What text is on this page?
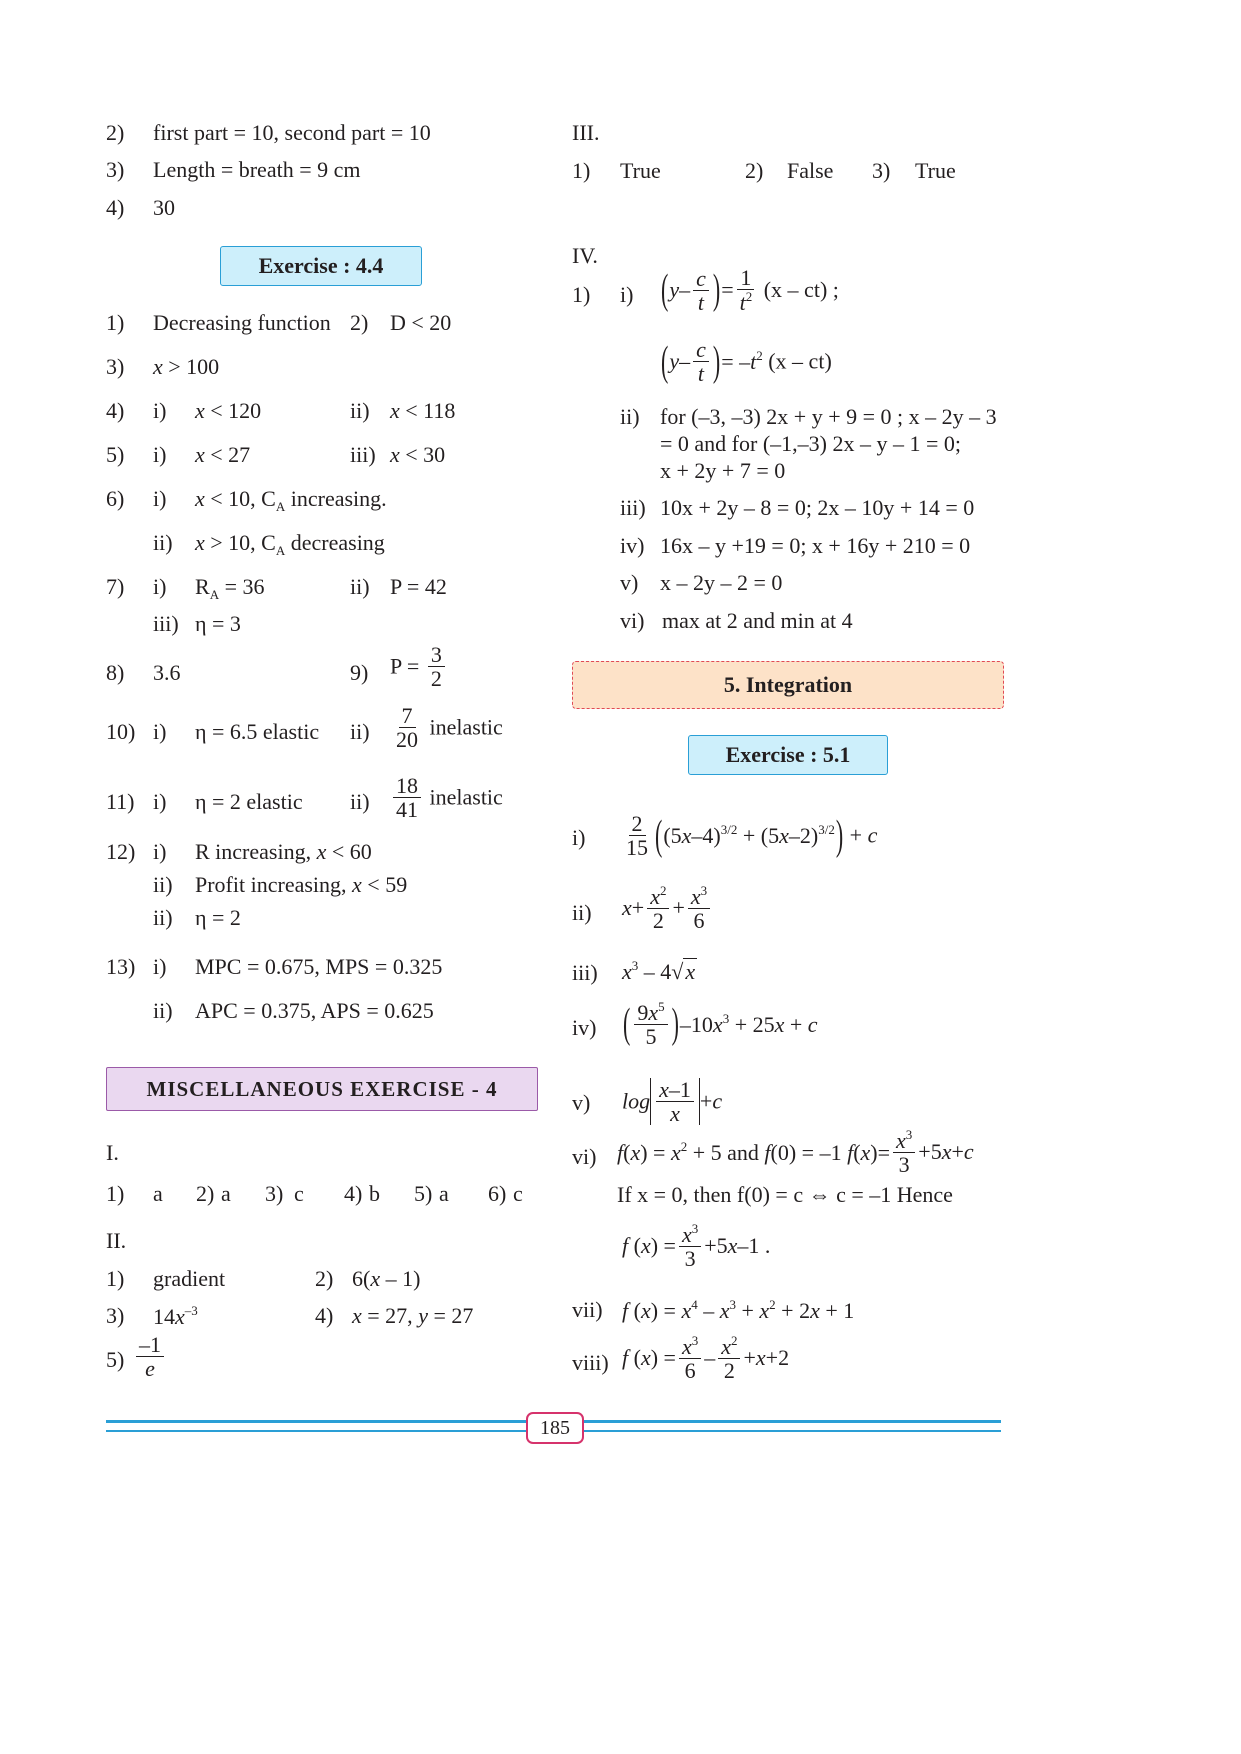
2) first part = 10, second part = 10
3) Length = breath = 9 cm
4) 30
Exercise : 4.4
1) Decreasing function 2) D < 20
3) x > 100
4) i) x < 120	ii) x < 118
5) i) x < 27	iii) x < 30
6) i) x < 10, $C_A$ increasing.
ii) x > 10, $C_A$ decreasing
7) i) $R_A = 36$	ii) P = 42
iii) η = 3
8) 3.6	9) $P = \frac{3}{2}$
10) i) η = 6.5 elastic $ii) \frac{7}{20}$ inelastic
11) i) η = 2 elastic $ii) \frac{18}{41}$ inelastic
12) i) R increasing, x < 60
ii) Profit increasing, x < 59
ii) η = 2
13) i) MPC = 0.675, MPS = 0.325
ii) APC = 0.375, APS = 0.625
MISCELLANEOUS EXERCISE - 4
I.
1) a 2) a 3) c 4) b 5) a 6) c
II.
1) gradient	2) 6(x – 1)
3) $14x^{-3}$	4) x = 27, y = 27
$5) \frac{-1}{e}$
III.
1) True	2) False 3) True
IV.
1) i) ($y- \frac{c}{t}$ )= $\frac{1}{t^2} (x - ct)$ ;
($y- \frac{c}{t}$ )= $-t^2$ (x – ct)
ii) for (–3, –3) 2x + y + 9 = 0 ; x – 2y – 3
= 0 and for (–1,–3) 2x – y – 1 = 0;
x + 2y + 7 = 0
iii) 10x + 2y – 8 = 0; 2x – 10y + 14 = 0
iv) 16x – y +19 = 0; x + 16y + 210 = 0
v) x – 2y – 2 = 0
vi) max at 2 and min at 4
5. Integration
Exercise : 5.1
$i) \frac{2}{15} ((5x-4)^{3/2} + (5x-2)^{3/2}) + c$
ii) $x+ \frac{x^2}{2} + \frac{x^3}{6}$
iii) $x^3 - 4√x$
iv) ( $\frac{9x^5}{5} )-10x^3 + 25x + c$
v) $\log \frac{x-1}{x} +c$
vi) $f(x) = x^2 + 5$ and f(0) = –1 $f(x)= \frac{x^3}{3} +5x+c$
If x = 0, then f(0) = c ⇔ c = –1 Hence
f $(x) = \frac{x^3}{3} +5x-1$ .
vii) f $(x) = x^4 - x^3 + x^2 + 2x + 1$
viii) f $(x) = \frac{x^3}{6} - \frac{x^2}{2} +x+2$
185
